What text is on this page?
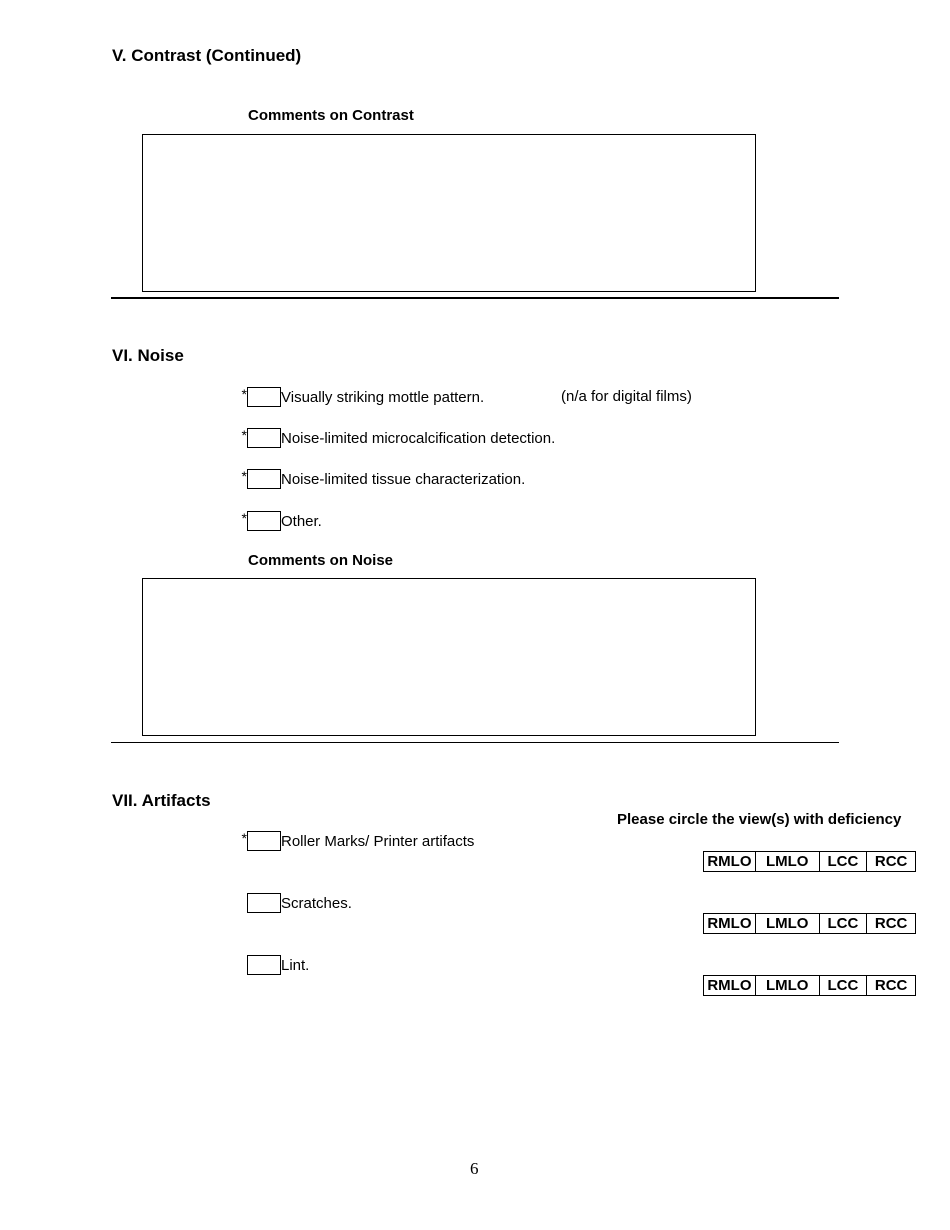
V. Contrast (Continued)
Comments on Contrast
VI. Noise
* Visually striking mottle pattern.	(n/a for digital films)
* Noise-limited microcalcification detection.
* Noise-limited tissue characterization.
* Other.
Comments on Noise
VII. Artifacts
Please circle the view(s) with deficiency
* Roller Marks/ Printer artifacts
RMLO	LMLO	LCC	RCC
Scratches.
RMLO	LMLO	LCC	RCC
Lint.
RMLO	LMLO	LCC	RCC
6
